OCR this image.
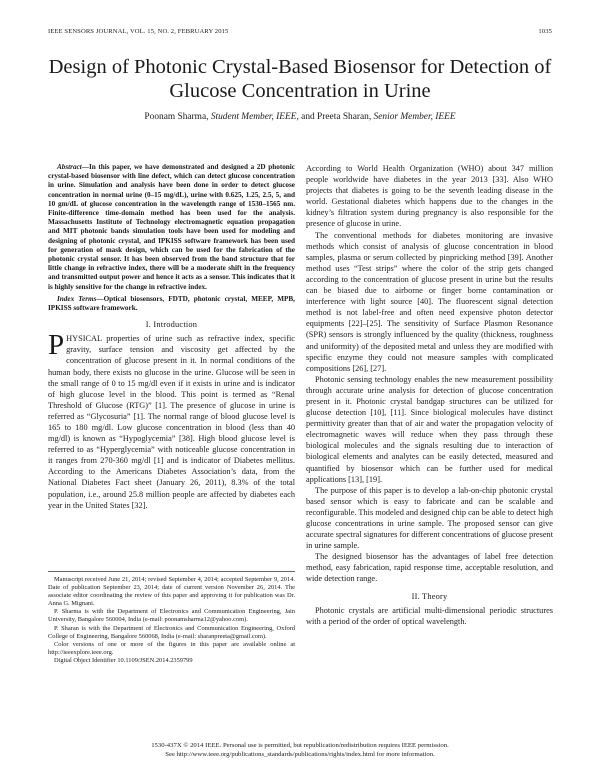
IEEE SENSORS JOURNAL, VOL. 15, NO. 2, FEBRUARY 2015	1035
Design of Photonic Crystal-Based Biosensor for Detection of Glucose Concentration in Urine
Poonam Sharma, Student Member, IEEE, and Preeta Sharan, Senior Member, IEEE

Abstract—In this paper, we have demonstrated and designed a 2D photonic crystal-based biosensor with line defect, which can detect glucose concentration in urine. Simulation and analysis have been done in order to detect glucose concentration in normal urine (0–15 mg/dL), urine with 0.625, 1.25, 2.5, 5, and 10 gm/dL of glucose concentration in the wavelength range of 1530–1565 nm. Finite-difference time-domain method has been used for the analysis. Massachusetts Institute of Technology electromagnetic equation propagation and MIT photonic bands simulation tools have been used for modeling and designing of photonic crystal, and IPKISS software framework has been used for generation of mask design, which can be used for the fabrication of the photonic crystal sensor. It has been observed from the band structure that for little change in refractive index, there will be a moderate shift in the frequency and transmitted output power and hence it acts as a sensor. This indicates that it is highly sensitive for the change in refractive index.

Index Terms—Optical biosensors, FDTD, photonic crystal, MEEP, MPB, IPKISS software framework.

I. Introduction

PHYSICAL properties of urine such as refractive index, specific gravity, surface tension and viscosity get affected by the concentration of glucose present in it. In normal conditions of the human body, there exists no glucose in the urine. Glucose will be seen in the small range of 0 to 15 mg/dl even if it exists in urine and is indicator of high glucose level in the blood. This point is termed as “Renal Threshold of Glucose (RTG)” [1]. The presence of glucose in urine is referred as “Glycosuria” [1]. The normal range of blood glucose level is 165 to 180 mg/dl. Low glucose concentration in blood (less than 40 mg/dl) is known as “Hypoglycemia” [38]. High blood glucose level is referred to as “Hyperglycemia” with noticeable glucose concentration in it ranges from 270-360 mg/dl [1] and is indicator of Diabetes mellitus. According to the Americans Diabetes Association’s data, from the National Diabetes Fact sheet (January 26, 2011), 8.3% of the total population, i.e., around 25.8 million people are affected by diabetes each year in the United States [32].

Manuscript received June 21, 2014; revised September 4, 2014; accepted September 9, 2014. Date of publication September 23, 2014; date of current version November 26, 2014. The associate editor coordinating the review of this paper and approving it for publication was Dr. Anna G. Mignani.

P. Sharma is with the Department of Electronics and Communication Engineering, Jain University, Bangalore 560004, India (e-mail: poonamsharma12@yahoo.com).

P. Sharan is with the Department of Electronics and Communication Engineering, Oxford College of Engineering, Bangalore 560068, India (e-mail: sharanpreeta@gmail.com).

Color versions of one or more of the figures in this paper are available online at http://ieeexplore.ieee.org.

Digital Object Identifier 10.1109/JSEN.2014.2359799

According to World Health Organization (WHO) about 347 million people worldwide have diabetes in the year 2013 [33]. Also WHO projects that diabetes is going to be the seventh leading disease in the world. Gestational diabetes which happens due to the changes in the kidney’s filtration system during pregnancy is also responsible for the presence of glucose in urine.

The conventional methods for diabetes monitoring are invasive methods which consist of analysis of glucose concentration in blood samples, plasma or serum collected by pinpricking method [39]. Another method uses “Test strips” where the color of the strip gets changed according to the concentration of glucose present in urine but the results can be biased due to airborne or finger borne contamination or interference with light source [40]. The fluorescent signal detection method is not label-free and often need expensive photon detector equipments [22]–[25]. The sensitivity of Surface Plasmon Resonance (SPR) sensors is strongly influenced by the quality (thickness, roughness and uniformity) of the deposited metal and unless they are modified with specific enzyme they could not measure samples with complicated compositions [26], [27].

Photonic sensing technology enables the new measurement possibility through accurate urine analysis for detection of glucose concentration present in it. Photonic crystal bandgap structures can be utilized for glucose detection [10], [11]. Since biological molecules have distinct permittivity greater than that of air and water the propagation velocity of electromagnetic waves will reduce when they pass through these biological molecules and the signals resulting due to interaction of biological elements and analytes can be easily detected, measured and quantified by biosensor which can be further used for medical applications [13], [19].

The purpose of this paper is to develop a lab-on-chip photonic crystal based sensor which is easy to fabricate and can be scalable and reconfigurable. This modeled and designed chip can be able to detect high glucose concentrations in urine sample. The proposed sensor can give accurate spectral signatures for different concentrations of glucose present in urine sample.

The designed biosensor has the advantages of label free detection method, easy fabrication, rapid response time, acceptable resolution, and wide detection range.

II. Theory

Photonic crystals are artificial multi-dimensional periodic structures with a period of the order of optical wavelength.

1530-437X © 2014 IEEE. Personal use is permitted, but republication/redistribution requires IEEE permission.
See http://www.ieee.org/publications_standards/publications/rights/index.html for more information.
